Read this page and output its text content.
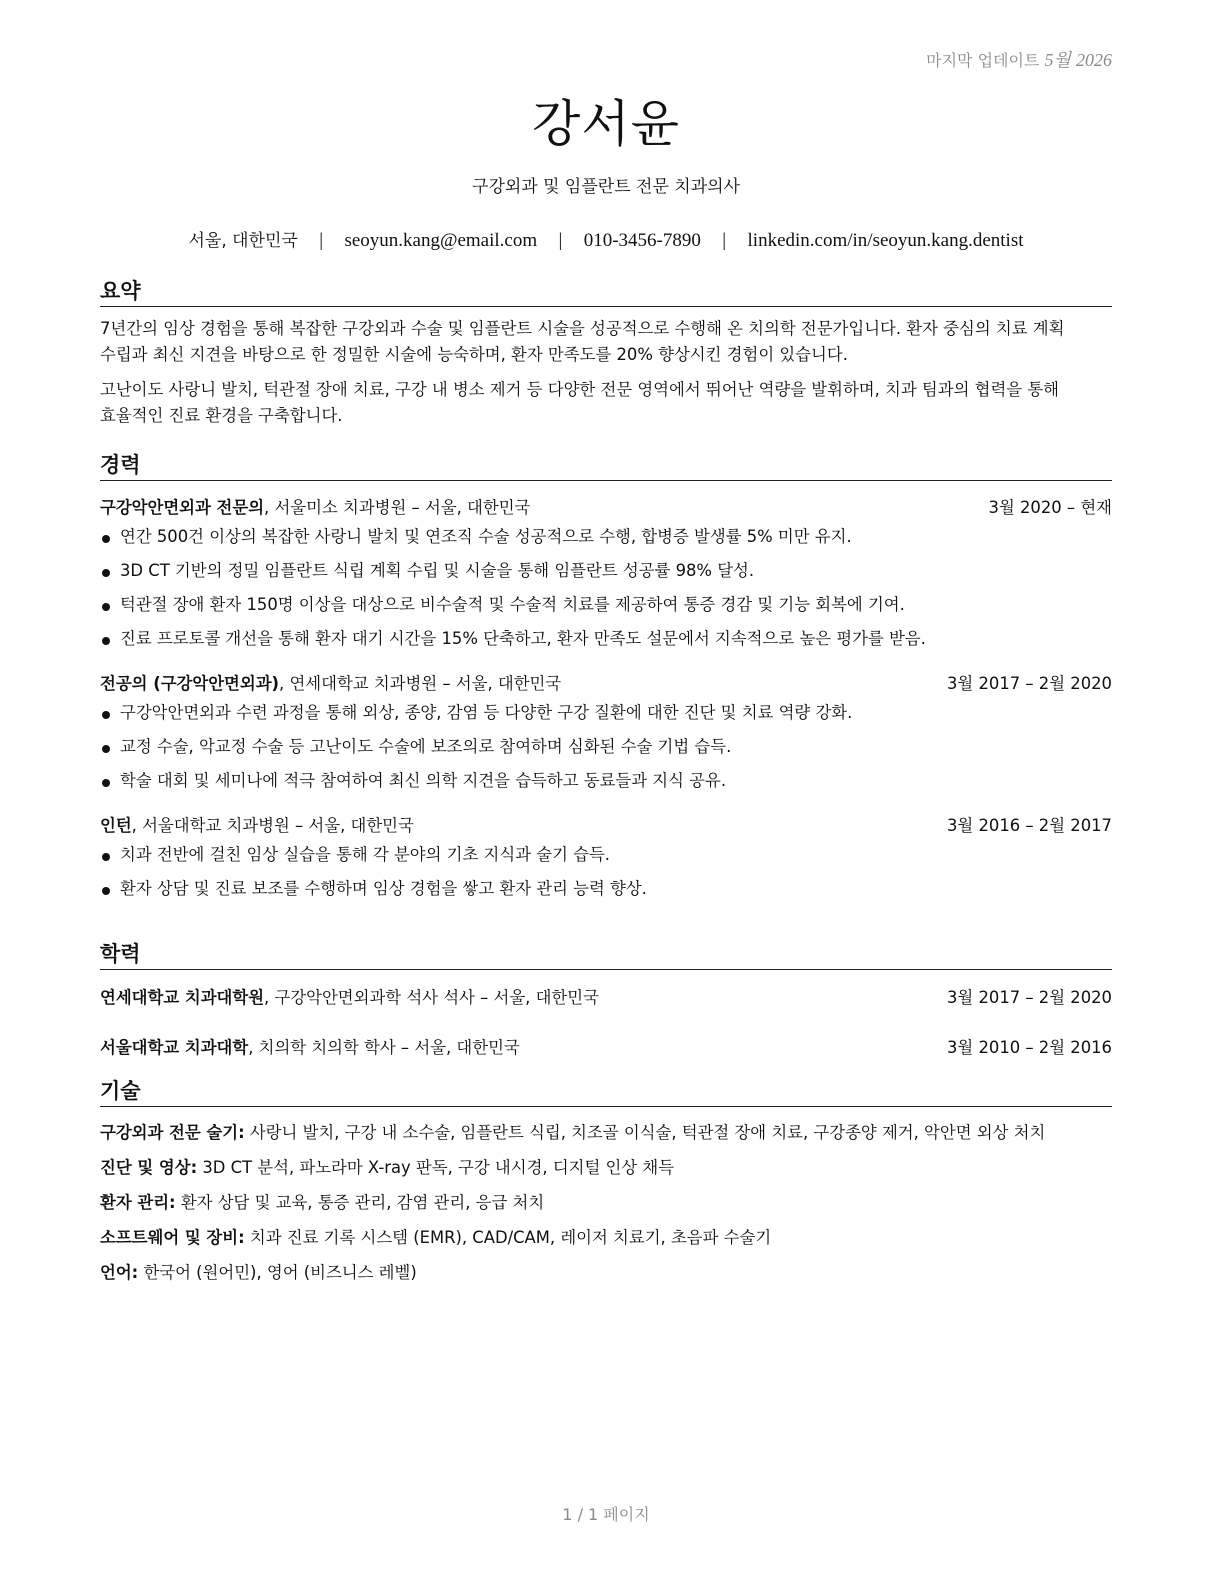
마지막 업데이트 5월 2026
강서윤
구강외과 및 임플란트 전문 치과의사
서울, 대한민국 | seoyun.kang@email.com | 010-3456-7890 | linkedin.com/in/seoyun.kang.dentist
요약

7년간의 임상 경험을 통해 복잡한 구강외과 수술 및 임플란트 시술을 성공적으로 수행해 온 치의학 전문가입니다. 환자 중심의 치료 계획 수립과 최신 지견을 바탕으로 한 정밀한 시술에 능숙하며, 환자 만족도를 20% 향상시킨 경험이 있습니다.

고난이도 사랑니 발치, 턱관절 장애 치료, 구강 내 병소 제거 등 다양한 전문 영역에서 뛰어난 역량을 발휘하며, 치과 팀과의 협력을 통해 효율적인 진료 환경을 구축합니다.

경력
구강악안면외과 전문의, 서울미소 치과병원 – 서울, 대한민국	3월 2020 – 현재
연간 500건 이상의 복잡한 사랑니 발치 및 연조직 수술 성공적으로 수행, 합병증 발생률 5% 미만 유지.
3D CT 기반의 정밀 임플란트 식립 계획 수립 및 시술을 통해 임플란트 성공률 98% 달성.
턱관절 장애 환자 150명 이상을 대상으로 비수술적 및 수술적 치료를 제공하여 통증 경감 및 기능 회복에 기여.
진료 프로토콜 개선을 통해 환자 대기 시간을 15% 단축하고, 환자 만족도 설문에서 지속적으로 높은 평가를 받음.
전공의 (구강악안면외과), 연세대학교 치과병원 – 서울, 대한민국	3월 2017 – 2월 2020
구강악안면외과 수련 과정을 통해 외상, 종양, 감염 등 다양한 구강 질환에 대한 진단 및 치료 역량 강화.
교정 수술, 악교정 수술 등 고난이도 수술에 보조의로 참여하며 심화된 수술 기법 습득.
학술 대회 및 세미나에 적극 참여하여 최신 의학 지견을 습득하고 동료들과 지식 공유.
인턴, 서울대학교 치과병원 – 서울, 대한민국	3월 2016 – 2월 2017
치과 전반에 걸친 임상 실습을 통해 각 분야의 기초 지식과 술기 습득.
환자 상담 및 진료 보조를 수행하며 임상 경험을 쌓고 환자 관리 능력 향상.
학력
연세대학교 치과대학원, 구강악안면외과학 석사 석사 – 서울, 대한민국	3월 2017 – 2월 2020
서울대학교 치과대학, 치의학 치의학 학사 – 서울, 대한민국	3월 2010 – 2월 2016
기술

구강외과 전문 술기: 사랑니 발치, 구강 내 소수술, 임플란트 식립, 치조골 이식술, 턱관절 장애 치료, 구강종양 제거, 악안면 외상 처치

진단 및 영상: 3D CT 분석, 파노라마 X-ray 판독, 구강 내시경, 디지털 인상 채득

환자 관리: 환자 상담 및 교육, 통증 관리, 감염 관리, 응급 처치

소프트웨어 및 장비: 치과 진료 기록 시스템 (EMR), CAD/CAM, 레이저 치료기, 초음파 수술기

언어: 한국어 (원어민), 영어 (비즈니스 레벨)

1 / 1 페이지
